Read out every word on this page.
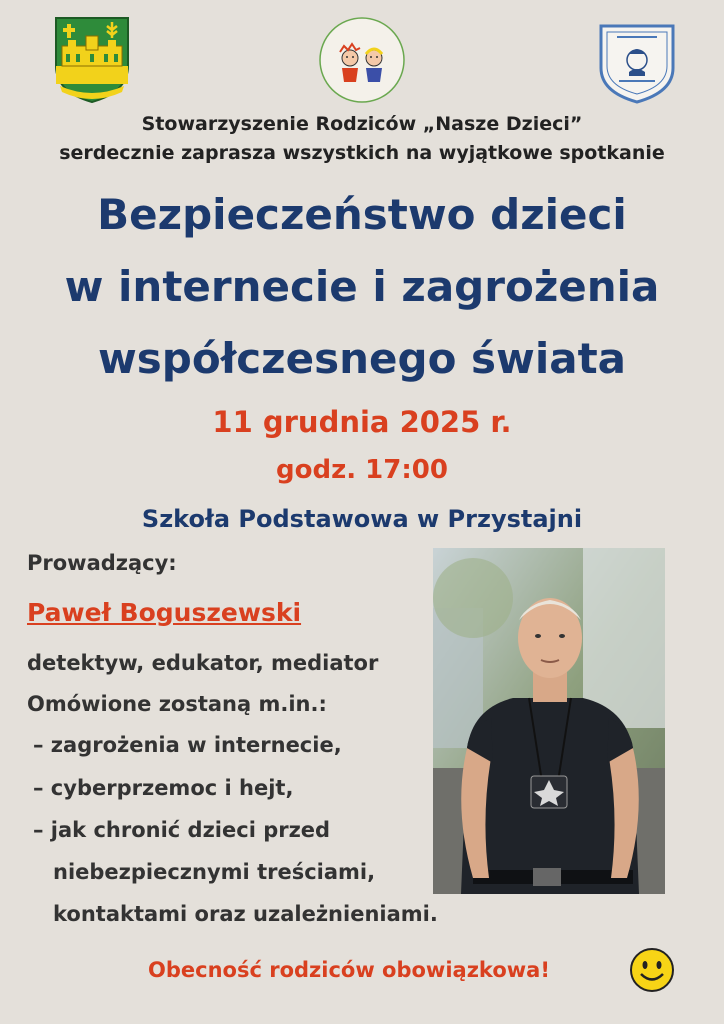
Stowarzyszenie Rodziców „Nasze Dzieci”
serdecznie zaprasza wszystkich na wyjątkowe spotkanie
Bezpieczeństwo dzieci
w internecie i zagrożenia
współczesnego świata
11 grudnia 2025 r.
godz. 17:00
Szkoła Podstawowa w Przystajni
Prowadzący:
Paweł Boguszewski
detektyw, edukator, mediator
Omówione zostaną m.in.:
– zagrożenia w internecie,
– cyberprzemoc i hejt,
– jak chronić dzieci przed
niebezpiecznymi treściami,
kontaktami oraz uzależnieniami.
Obecność rodziców obowiązkowa!
